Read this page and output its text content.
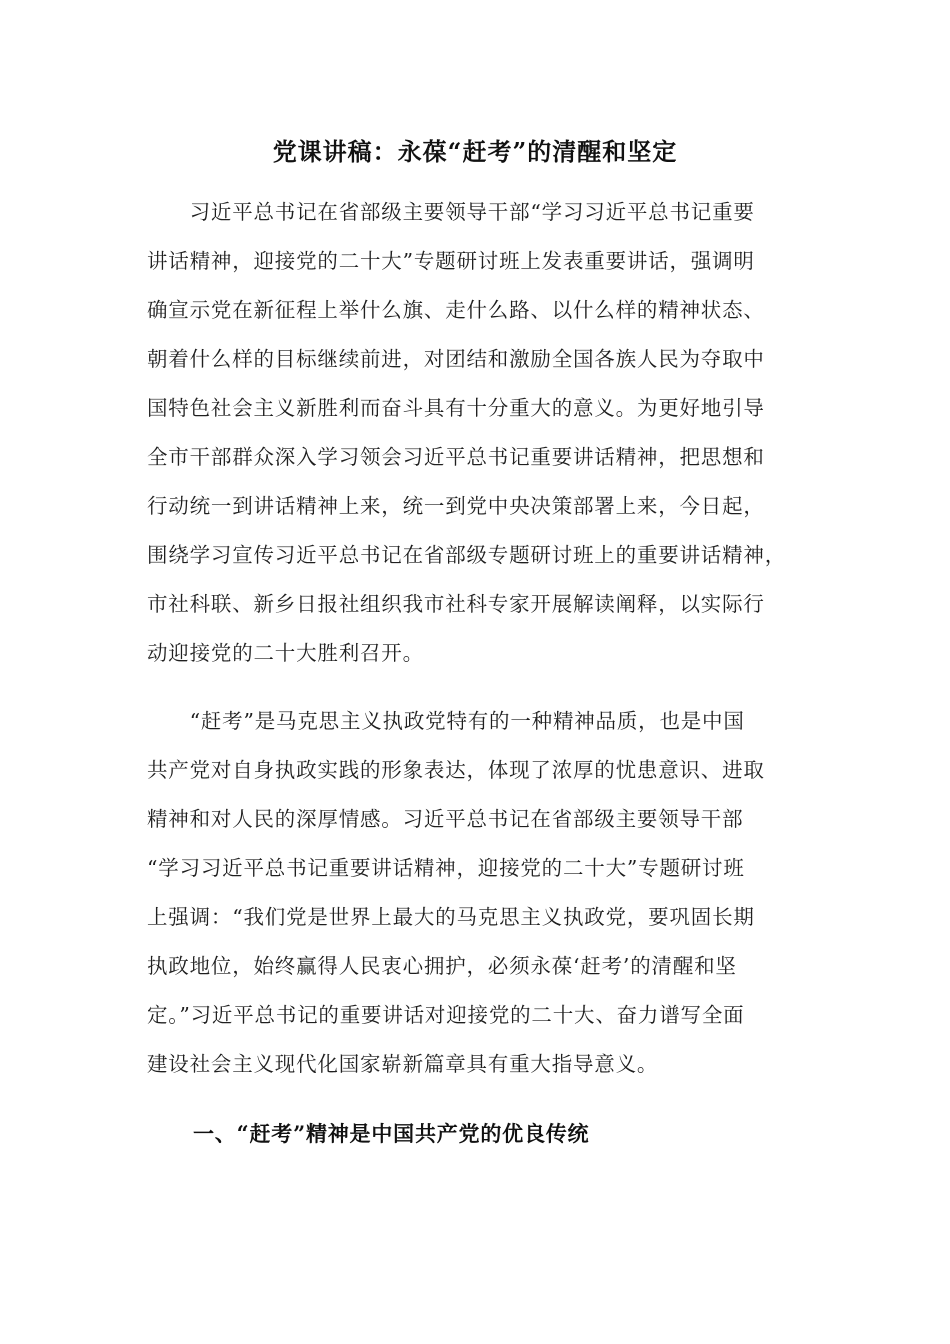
党课讲稿：永葆“赶考”的清醒和坚定

　　习近平总书记在省部级主要领导干部“学习习近平总书记重要
讲话精神，迎接党的二十大”专题研讨班上发表重要讲话，强调明
确宣示党在新征程上举什么旗、走什么路、以什么样的精神状态、
朝着什么样的目标继续前进，对团结和激励全国各族人民为夺取中
国特色社会主义新胜利而奋斗具有十分重大的意义。为更好地引导
全市干部群众深入学习领会习近平总书记重要讲话精神，把思想和
行动统一到讲话精神上来，统一到党中央决策部署上来，今日起，
围绕学习宣传习近平总书记在省部级专题研讨班上的重要讲话精神，
市社科联、新乡日报社组织我市社科专家开展解读阐释，以实际行
动迎接党的二十大胜利召开。

　　“赶考”是马克思主义执政党特有的一种精神品质，也是中国
共产党对自身执政实践的形象表达，体现了浓厚的忧患意识、进取
精神和对人民的深厚情感。习近平总书记在省部级主要领导干部
“学习习近平总书记重要讲话精神，迎接党的二十大”专题研讨班
上强调：“我们党是世界上最大的马克思主义执政党，要巩固长期
执政地位，始终赢得人民衷心拥护，必须永葆‘赶考’的清醒和坚
定。”习近平总书记的重要讲话对迎接党的二十大、奋力谱写全面
建设社会主义现代化国家崭新篇章具有重大指导意义。

一、“赶考”精神是中国共产党的优良传统
